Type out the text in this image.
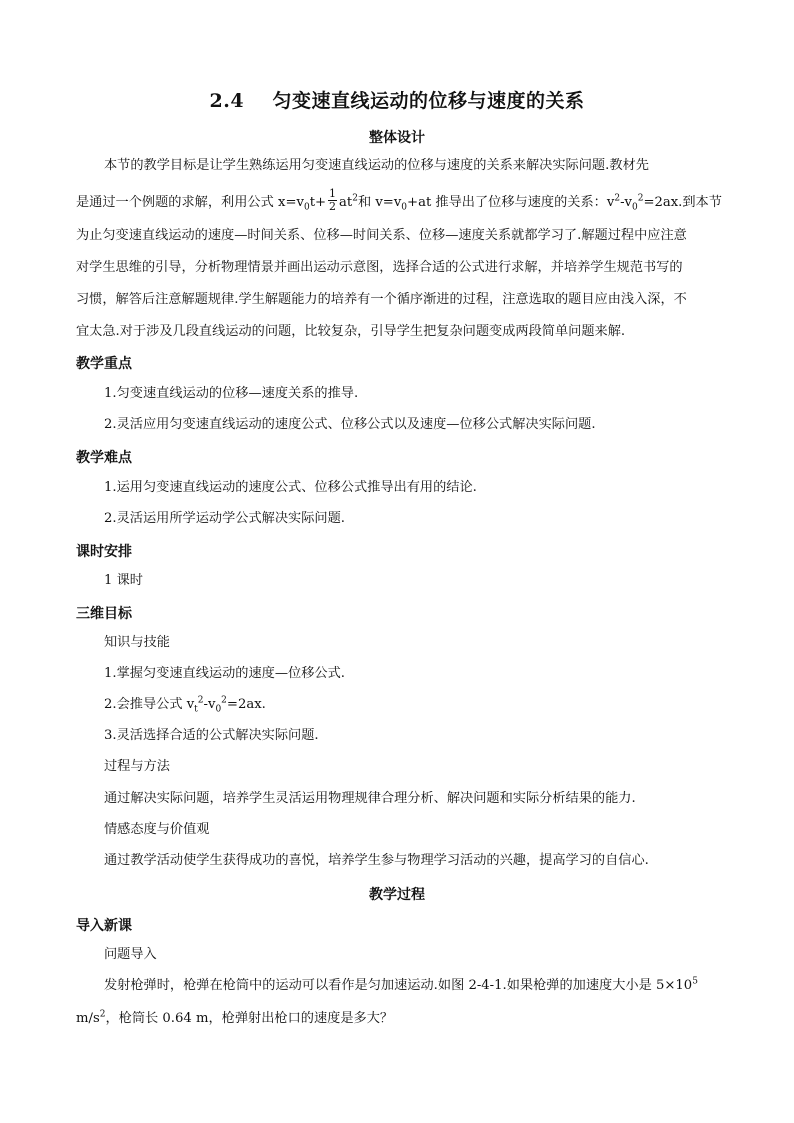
2.4    匀变速直线运动的位移与速度的关系
整体设计
本节的教学目标是让学生熟练运用匀变速直线运动的位移与速度的关系来解决实际问题.教材先
是通过一个例题的求解，利用公式 $x=v_0t+ \frac{1}{2} at^2$和 $v=v_0+at$ 推导出了位移与速度的关系：$v^2-v_0^2=2ax$.到本节
为止匀变速直线运动的速度—时间关系、位移—时间关系、位移—速度关系就都学习了.解题过程中应注意
对学生思维的引导，分析物理情景并画出运动示意图，选择合适的公式进行求解，并培养学生规范书写的
习惯，解答后注意解题规律.学生解题能力的培养有一个循序渐进的过程，注意选取的题目应由浅入深，不
宜太急.对于涉及几段直线运动的问题，比较复杂，引导学生把复杂问题变成两段简单问题来解.
教学重点
1.匀变速直线运动的位移—速度关系的推导.
2.灵活应用匀变速直线运动的速度公式、位移公式以及速度—位移公式解决实际问题.
教学难点
1.运用匀变速直线运动的速度公式、位移公式推导出有用的结论.
2.灵活运用所学运动学公式解决实际问题.
课时安排
1 课时
三维目标
知识与技能
1.掌握匀变速直线运动的速度—位移公式.
2.会推导公式 $v_t^2-v_0^2=2ax$.
3.灵活选择合适的公式解决实际问题.
过程与方法
通过解决实际问题，培养学生灵活运用物理规律合理分析、解决问题和实际分析结果的能力.
情感态度与价值观
通过教学活动使学生获得成功的喜悦，培养学生参与物理学习活动的兴趣，提高学习的自信心.
教学过程
导入新课
问题导入
发射枪弹时，枪弹在枪筒中的运动可以看作是匀加速运动.如图 2-4-1.如果枪弹的加速度大小是 $5\times 10^5$
$m/s^2$，枪筒长 0.64 m，枪弹射出枪口的速度是多大？
